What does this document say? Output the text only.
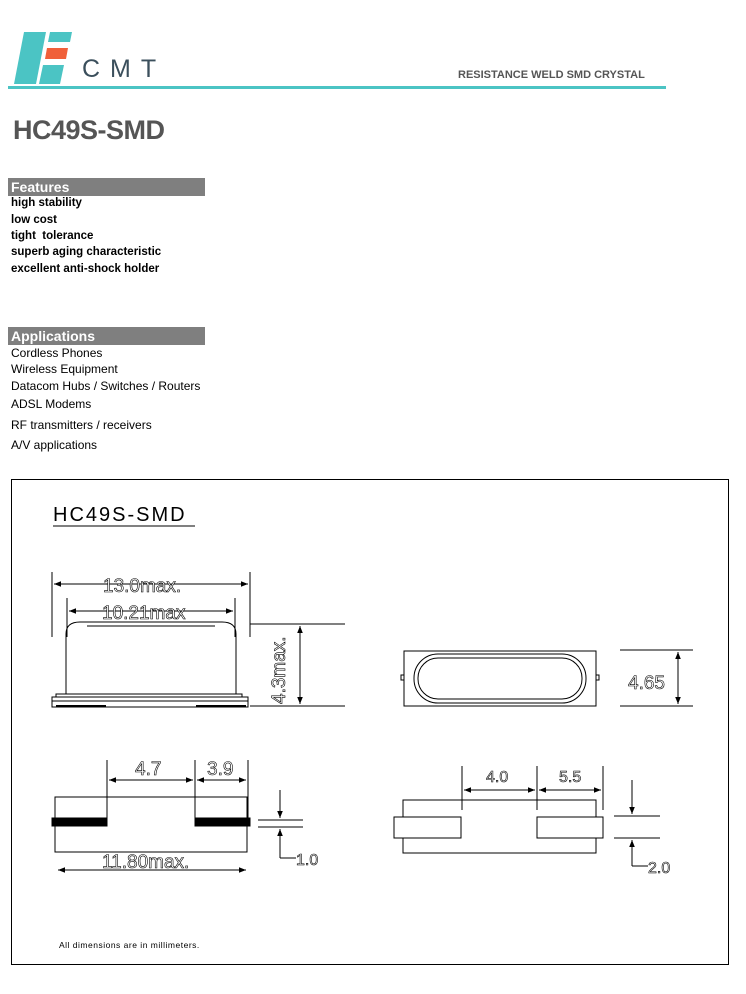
CMT	RESISTANCE WELD SMD CRYSTAL
HC49S-SMD
Features
high stability
low cost
tight  tolerance
superb aging characteristic
excellent anti-shock holder
Applications
Cordless Phones
Wireless Equipment
Datacom Hubs / Switches / Routers
ADSL Modems
RF transmitters / receivers
A/V applications
HC49S-SMD
13.0max.
10.21max
4.3max.	4.65
4.7 3.9
11.80max.	1.0
4.0	5.5
2.0
All dimensions are in millimeters.
